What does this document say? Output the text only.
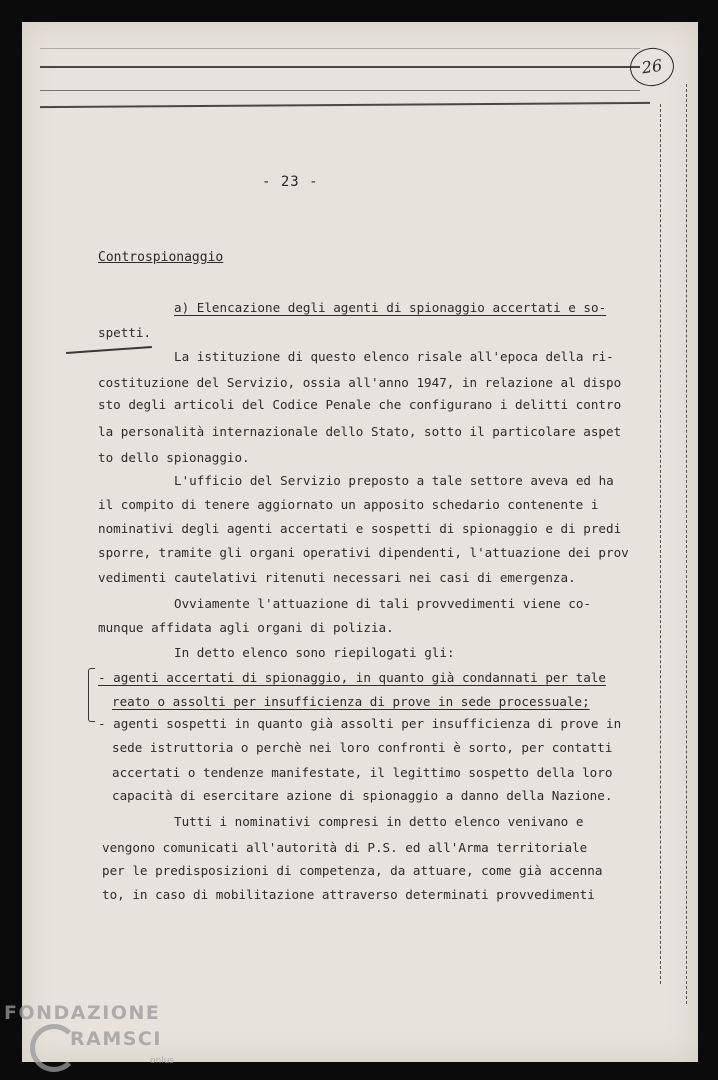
26
- 23 -
Controspionaggio
a) Elencazione degli agenti di spionaggio accertati e so-
spetti.
La istituzione di questo elenco risale all'epoca della ri-
costituzione del Servizio, ossia all'anno 1947, in relazione al dispo
sto degli articoli del Codice Penale che configurano i delitti contro
la personalità internazionale dello Stato, sotto il particolare aspet
to dello spionaggio.
L'ufficio del Servizio preposto a tale settore aveva ed ha
il compito di tenere aggiornato un apposito schedario contenente i
nominativi degli agenti accertati e sospetti di spionaggio e di predi
sporre, tramite gli organi operativi dipendenti, l'attuazione dei prov
vedimenti cautelativi ritenuti necessari nei casi di emergenza.
Ovviamente l'attuazione di tali provvedimenti viene co-
munque affidata agli organi di polizia.
In detto elenco sono riepilogati gli:
- agenti accertati di spionaggio, in quanto già condannati per tale
reato o assolti per insufficienza di prove in sede processuale;
- agenti sospetti in quanto già assolti per insufficienza di prove in
sede istruttoria o perchè nei loro confronti è sorto, per contatti
accertati o tendenze manifestate, il legittimo sospetto della loro
capacità di esercitare azione di spionaggio a danno della Nazione.
Tutti i nominativi compresi in detto elenco venivano e
vengono comunicati all'autorità di P.S. ed all'Arma territoriale
per le predisposizioni di competenza, da attuare, come già accenna
to, in caso di mobilitazione attraverso determinati provvedimenti
FONDAZIONE
RAMSCI
onlus
